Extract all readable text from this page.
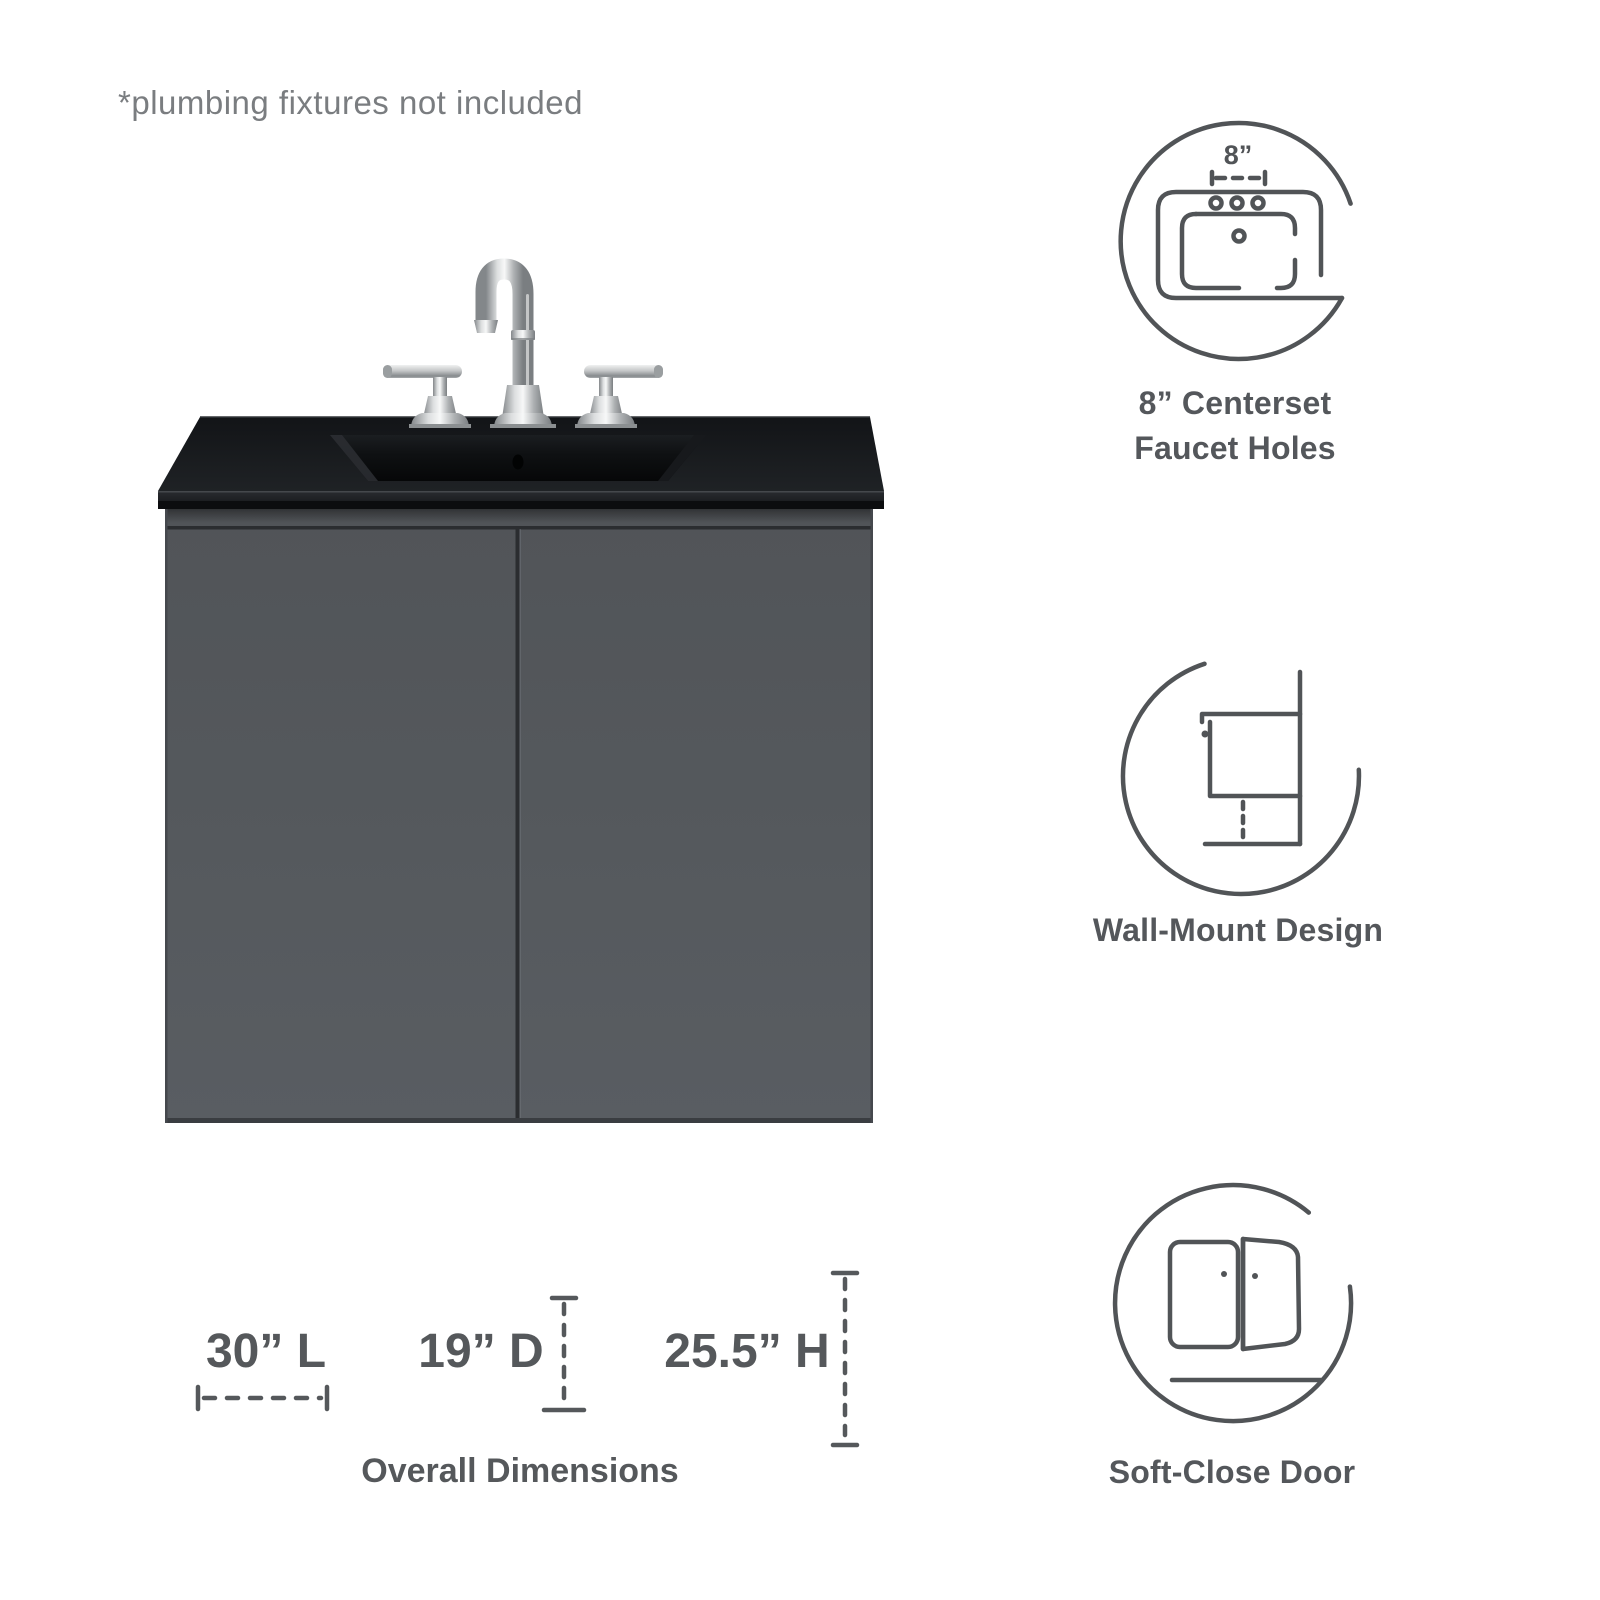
*plumbing fixtures not included
8”
8” Centerset
Faucet Holes
Wall-Mount Design
Soft-Close Door
30” L	19” D	25.5” H
Overall Dimensions
